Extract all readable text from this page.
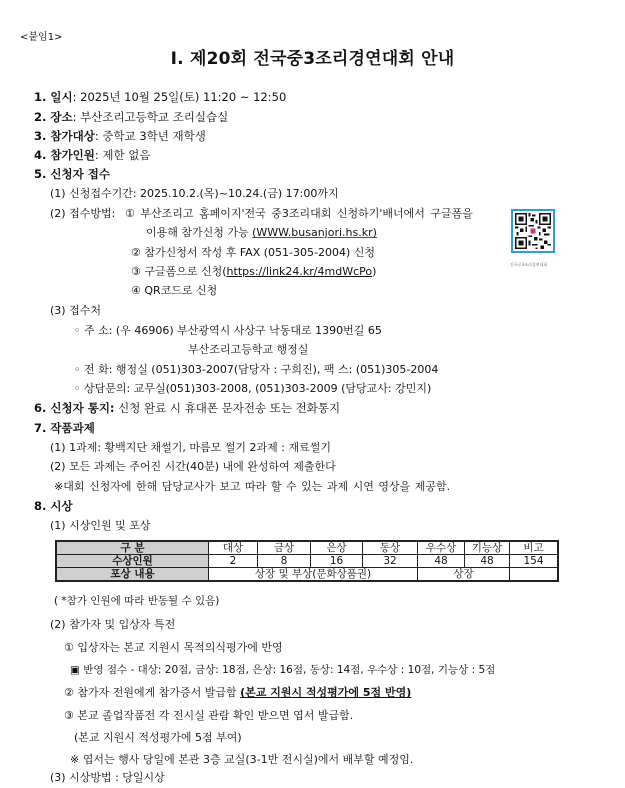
<붙임1>
Ⅰ. 제20회 전국중3조리경연대회 안내
1. 일시: 2025년 10월 25일(토) 11:20 ~ 12:50
2. 장소: 부산조리고등학교 조리실습실
3. 참가대상: 중학교 3학년 재학생
4. 참가인원: 제한 없음
5. 신청자 접수
(1) 신청접수기간: 2025.10.2.(목)~10.24.(금) 17:00까지
(2) 접수방법: ① 부산조리고 홈페이지'전국 중3조리대회 신청하기'배너에서 구글폼을
이용해 참가신청 가능 (WWW.busanjori.hs.kr)
② 참가신청서 작성 후 FAX (051-305-2004) 신청
③ 구글폼으로 신청(https://link24.kr/4mdWcPo)
④ QR코드로 신청
전국중3조리경연대회
(3) 접수처
◦ 주 소: (우 46906) 부산광역시 사상구 낙동대로 1390번길 65
부산조리고등학교 행정실
◦ 전 화: 행정실 (051)303-2007(담당자 : 구희진), 팩 스: (051)305-2004
◦ 상담문의: 교무실(051)303-2008, (051)303-2009 (담당교사: 강민지)
6. 신청자 통지: 신청 완료 시 휴대폰 문자전송 또는 전화통지
7. 작품과제
(1) 1과제: 황백지단 채썰기, 마름모 썰기 2과제 : 재료썰기
(2) 모든 과제는 주어진 시간(40분) 내에 완성하여 제출한다
※대회 신청자에 한해 담당교사가 보고 따라 할 수 있는 과제 시연 영상을 제공함.
8. 시상
(1) 시상인원 및 포상
구 분	대상	금상	은상	동상	우수상	기능상	비고
수상인원	2	8	16	32	48	48	154
포상 내용	상장 및 부상(문화상품권)				상장		
( *참가 인원에 따라 반동될 수 있음)
(2) 참가자 및 입상자 특전
① 입상자는 본교 지원시 목적의식평가에 반영
▣ 반영 점수 - 대상: 20점, 금상: 18점, 은상: 16점, 동상: 14점, 우수상 : 10점, 기능상 : 5점
② 참가자 전원에게 참가증서 발급함 (본교 지원시 적성평가에 5점 반영)
③ 본교 졸업작품전 각 전시실 관람 확인 받으면 엽서 발급함.
(본교 지원시 적성평가에 5점 부여)
※ 엽서는 행사 당일에 본관 3층 교실(3-1반 전시실)에서 배부할 예정임.
(3) 시상방법 : 당일시상
